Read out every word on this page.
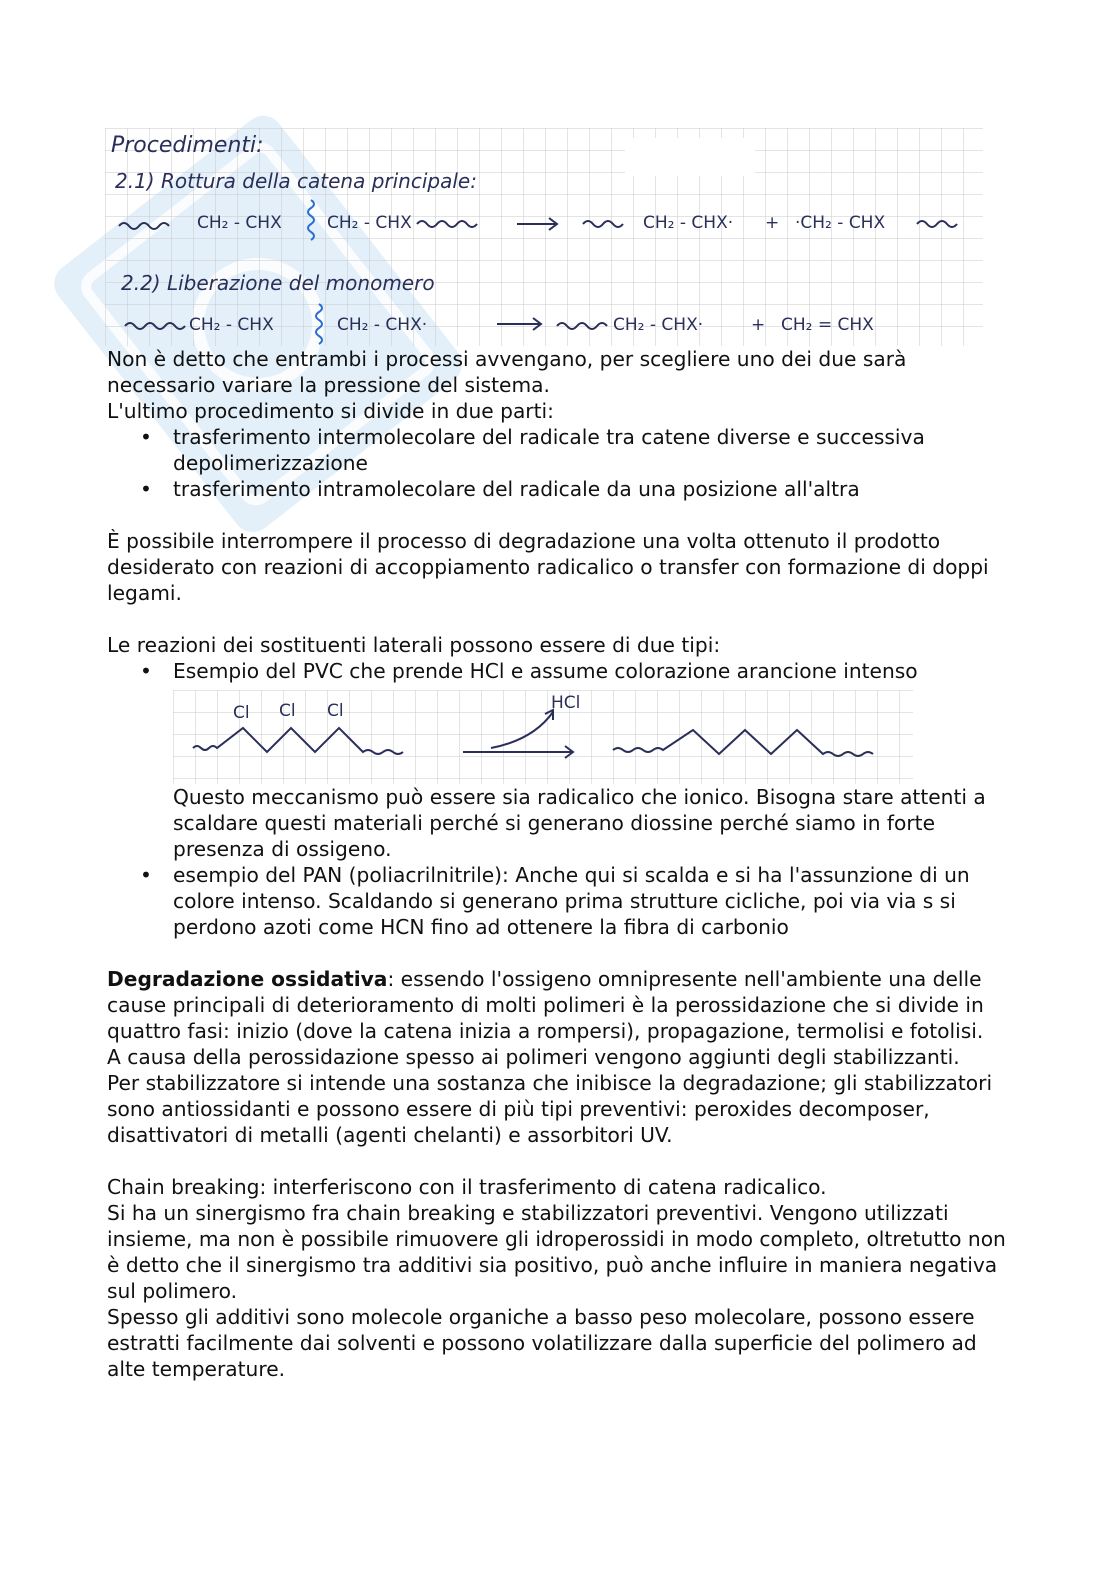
Procedimenti:
2.1) Rottura della catena principale:
2.2) Liberazione del monomero
CH₂ - CHX	CH₂ - CHX	CH₂ - CHX· + ·CH₂ - CHX
CH₂ - CHX	CH₂ - CHX·	CH₂ - CHX·	+ CH₂ = CHX

Non è detto che entrambi i processi avvengano, per scegliere uno dei due sarà necessario variare la pressione del sistema.

L'ultimo procedimento si divide in due parti:

• trasferimento intermolecolare del radicale tra catene diverse e successiva depolimerizzazione
• trasferimento intramolecolare del radicale da una posizione all'altra

È possibile interrompere il processo di degradazione una volta ottenuto il prodotto desiderato con reazioni di accoppiamento radicalico o transfer con formazione di doppi legami.

Le reazioni dei sostituenti laterali possono essere di due tipi:

• Esempio del PVC che prende HCl e assume colorazione arancione intenso
Cl Cl Cl	HCl

Questo meccanismo può essere sia radicalico che ionico. Bisogna stare attenti a scaldare questi materiali perché si generano diossine perché siamo in forte presenza di ossigeno.

• esempio del PAN (poliacrilnitrile): Anche qui si scalda e si ha l'assunzione di un colore intenso. Scaldando si generano prima strutture cicliche, poi via via s si perdono azoti come HCN fino ad ottenere la fibra di carbonio

Degradazione ossidativa: essendo l'ossigeno omnipresente nell'ambiente una delle cause principali di deterioramento di molti polimeri è la perossidazione che si divide in quattro fasi: inizio (dove la catena inizia a rompersi), propagazione, termolisi e fotolisi.

A causa della perossidazione spesso ai polimeri vengono aggiunti degli stabilizzanti.

Per stabilizzatore si intende una sostanza che inibisce la degradazione; gli stabilizzatori sono antiossidanti e possono essere di più tipi preventivi: peroxides decomposer, disattivatori di metalli (agenti chelanti) e assorbitori UV.

Chain breaking: interferiscono con il trasferimento di catena radicalico.

Si ha un sinergismo fra chain breaking e stabilizzatori preventivi. Vengono utilizzati insieme, ma non è possibile rimuovere gli idroperossidi in modo completo, oltretutto non è detto che il sinergismo tra additivi sia positivo, può anche influire in maniera negativa sul polimero.

Spesso gli additivi sono molecole organiche a basso peso molecolare, possono essere estratti facilmente dai solventi e possono volatilizzare dalla superficie del polimero ad alte temperature.
